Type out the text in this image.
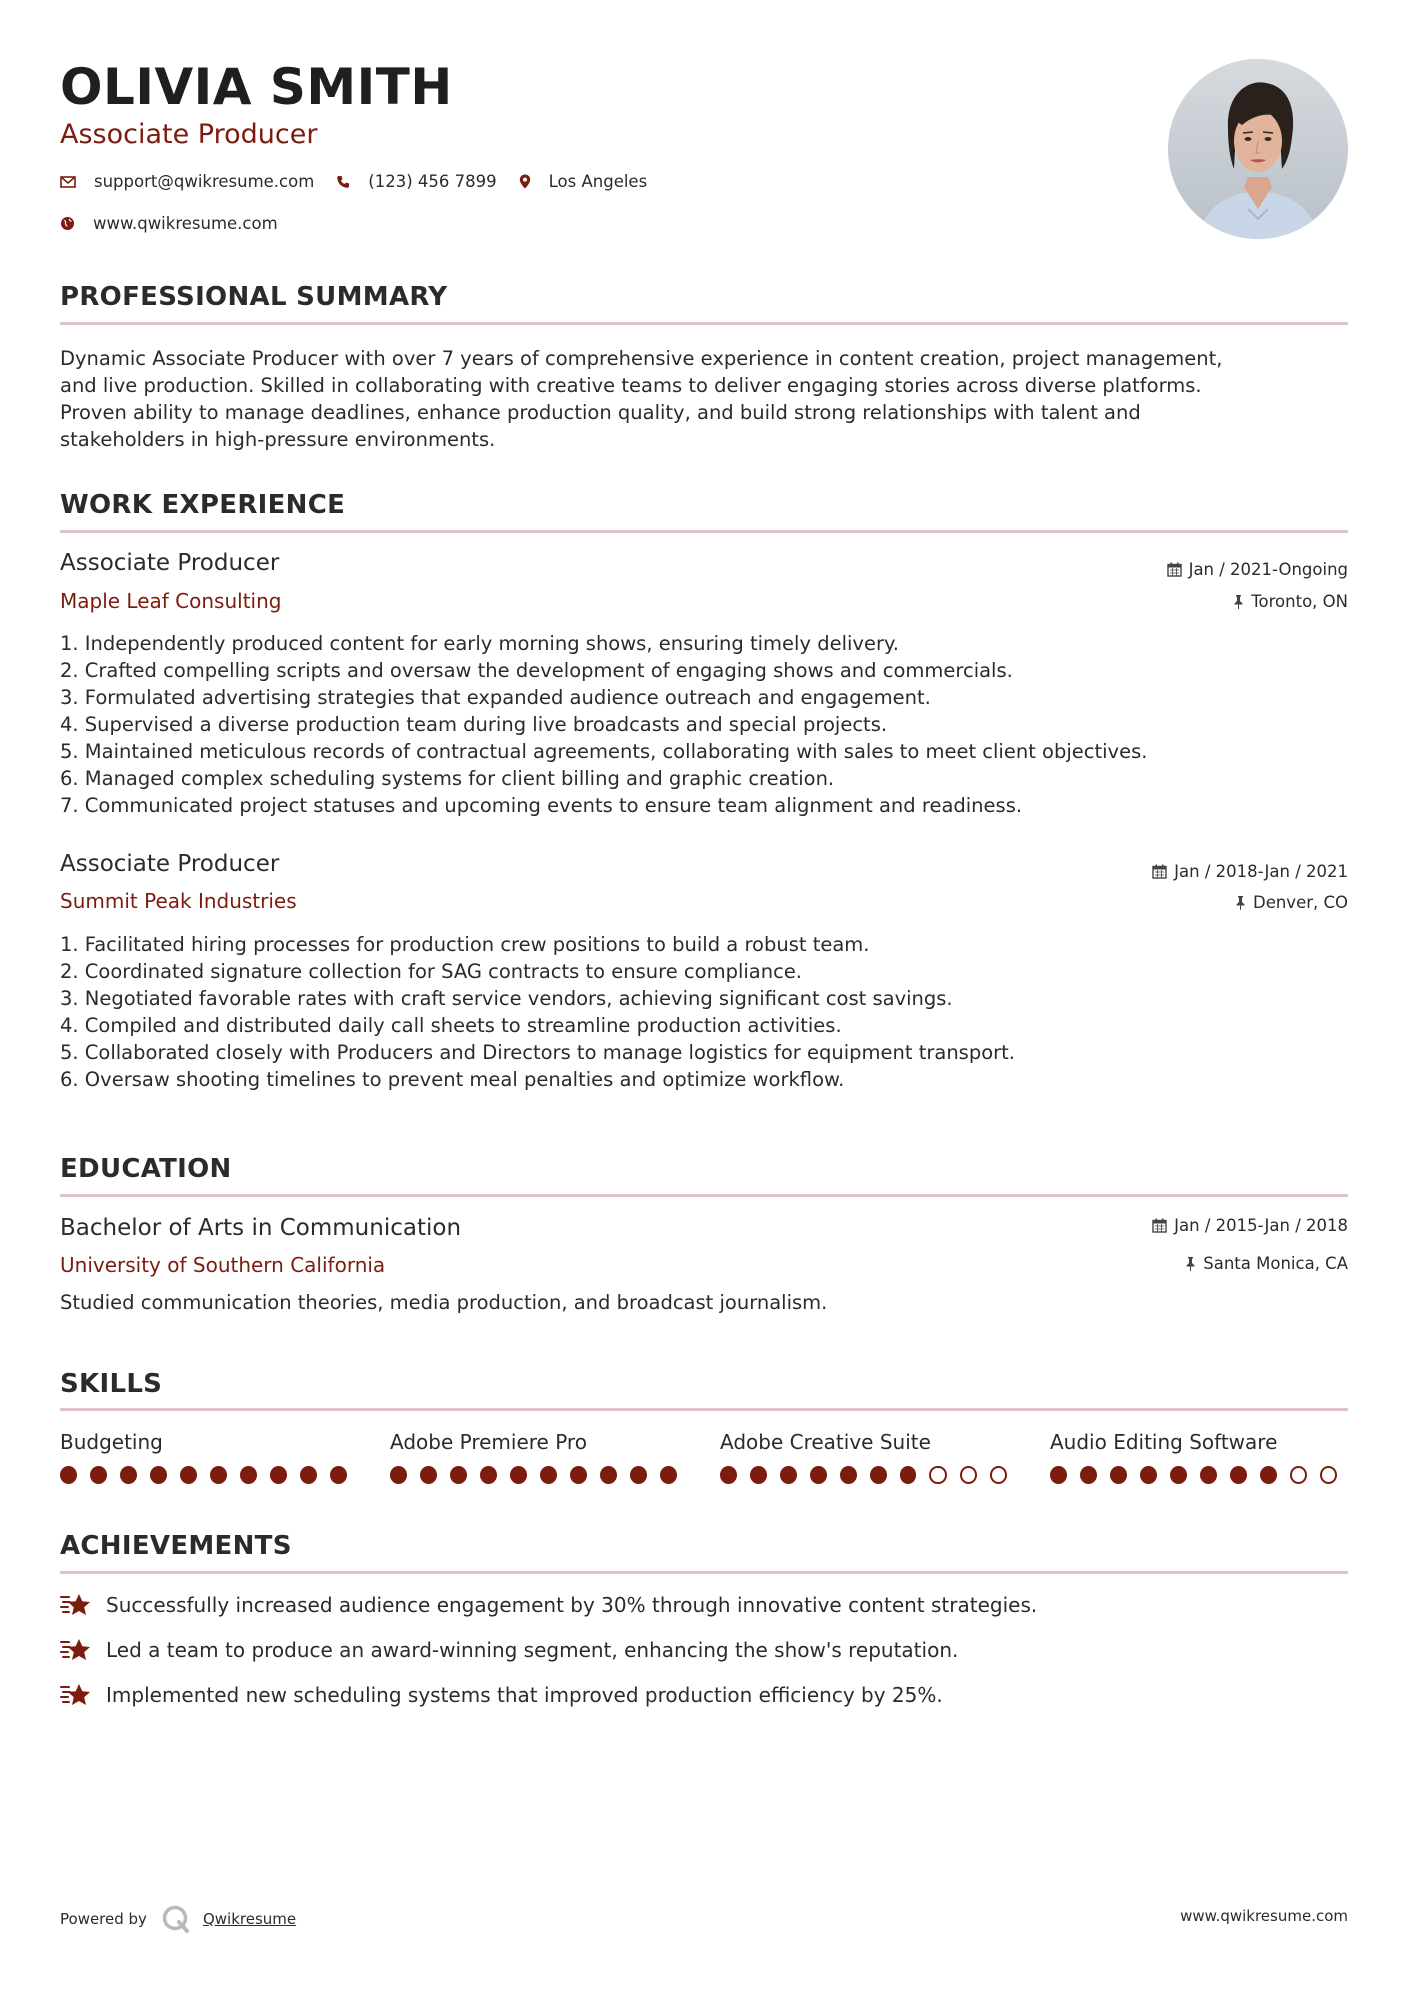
OLIVIA SMITH
Associate Producer
support@qwikresume.com	(123) 456 7899	Los Angeles
www.qwikresume.com
PROFESSIONAL SUMMARY
Dynamic Associate Producer with over 7 years of comprehensive experience in content creation, project management,
and live production. Skilled in collaborating with creative teams to deliver engaging stories across diverse platforms.
Proven ability to manage deadlines, enhance production quality, and build strong relationships with talent and
stakeholders in high-pressure environments.
WORK EXPERIENCE
Associate Producer
Maple Leaf Consulting
Jan / 2021-Ongoing
Toronto, ON
1. Independently produced content for early morning shows, ensuring timely delivery.
2. Crafted compelling scripts and oversaw the development of engaging shows and commercials.
3. Formulated advertising strategies that expanded audience outreach and engagement.
4. Supervised a diverse production team during live broadcasts and special projects.
5. Maintained meticulous records of contractual agreements, collaborating with sales to meet client objectives.
6. Managed complex scheduling systems for client billing and graphic creation.
7. Communicated project statuses and upcoming events to ensure team alignment and readiness.
Associate Producer
Summit Peak Industries
Jan / 2018-Jan / 2021
Denver, CO
1. Facilitated hiring processes for production crew positions to build a robust team.
2. Coordinated signature collection for SAG contracts to ensure compliance.
3. Negotiated favorable rates with craft service vendors, achieving significant cost savings.
4. Compiled and distributed daily call sheets to streamline production activities.
5. Collaborated closely with Producers and Directors to manage logistics for equipment transport.
6. Oversaw shooting timelines to prevent meal penalties and optimize workflow.
EDUCATION
Bachelor of Arts in Communication
University of Southern California
Jan / 2015-Jan / 2018
Santa Monica, CA
Studied communication theories, media production, and broadcast journalism.
SKILLS
Budgeting	Adobe Premiere Pro	Adobe Creative Suite	Audio Editing Software
ACHIEVEMENTS
Successfully increased audience engagement by 30% through innovative content strategies.
Led a team to produce an award-winning segment, enhancing the show's reputation.
Implemented new scheduling systems that improved production efficiency by 25%.
Powered by	Qwikresume	www.qwikresume.com
